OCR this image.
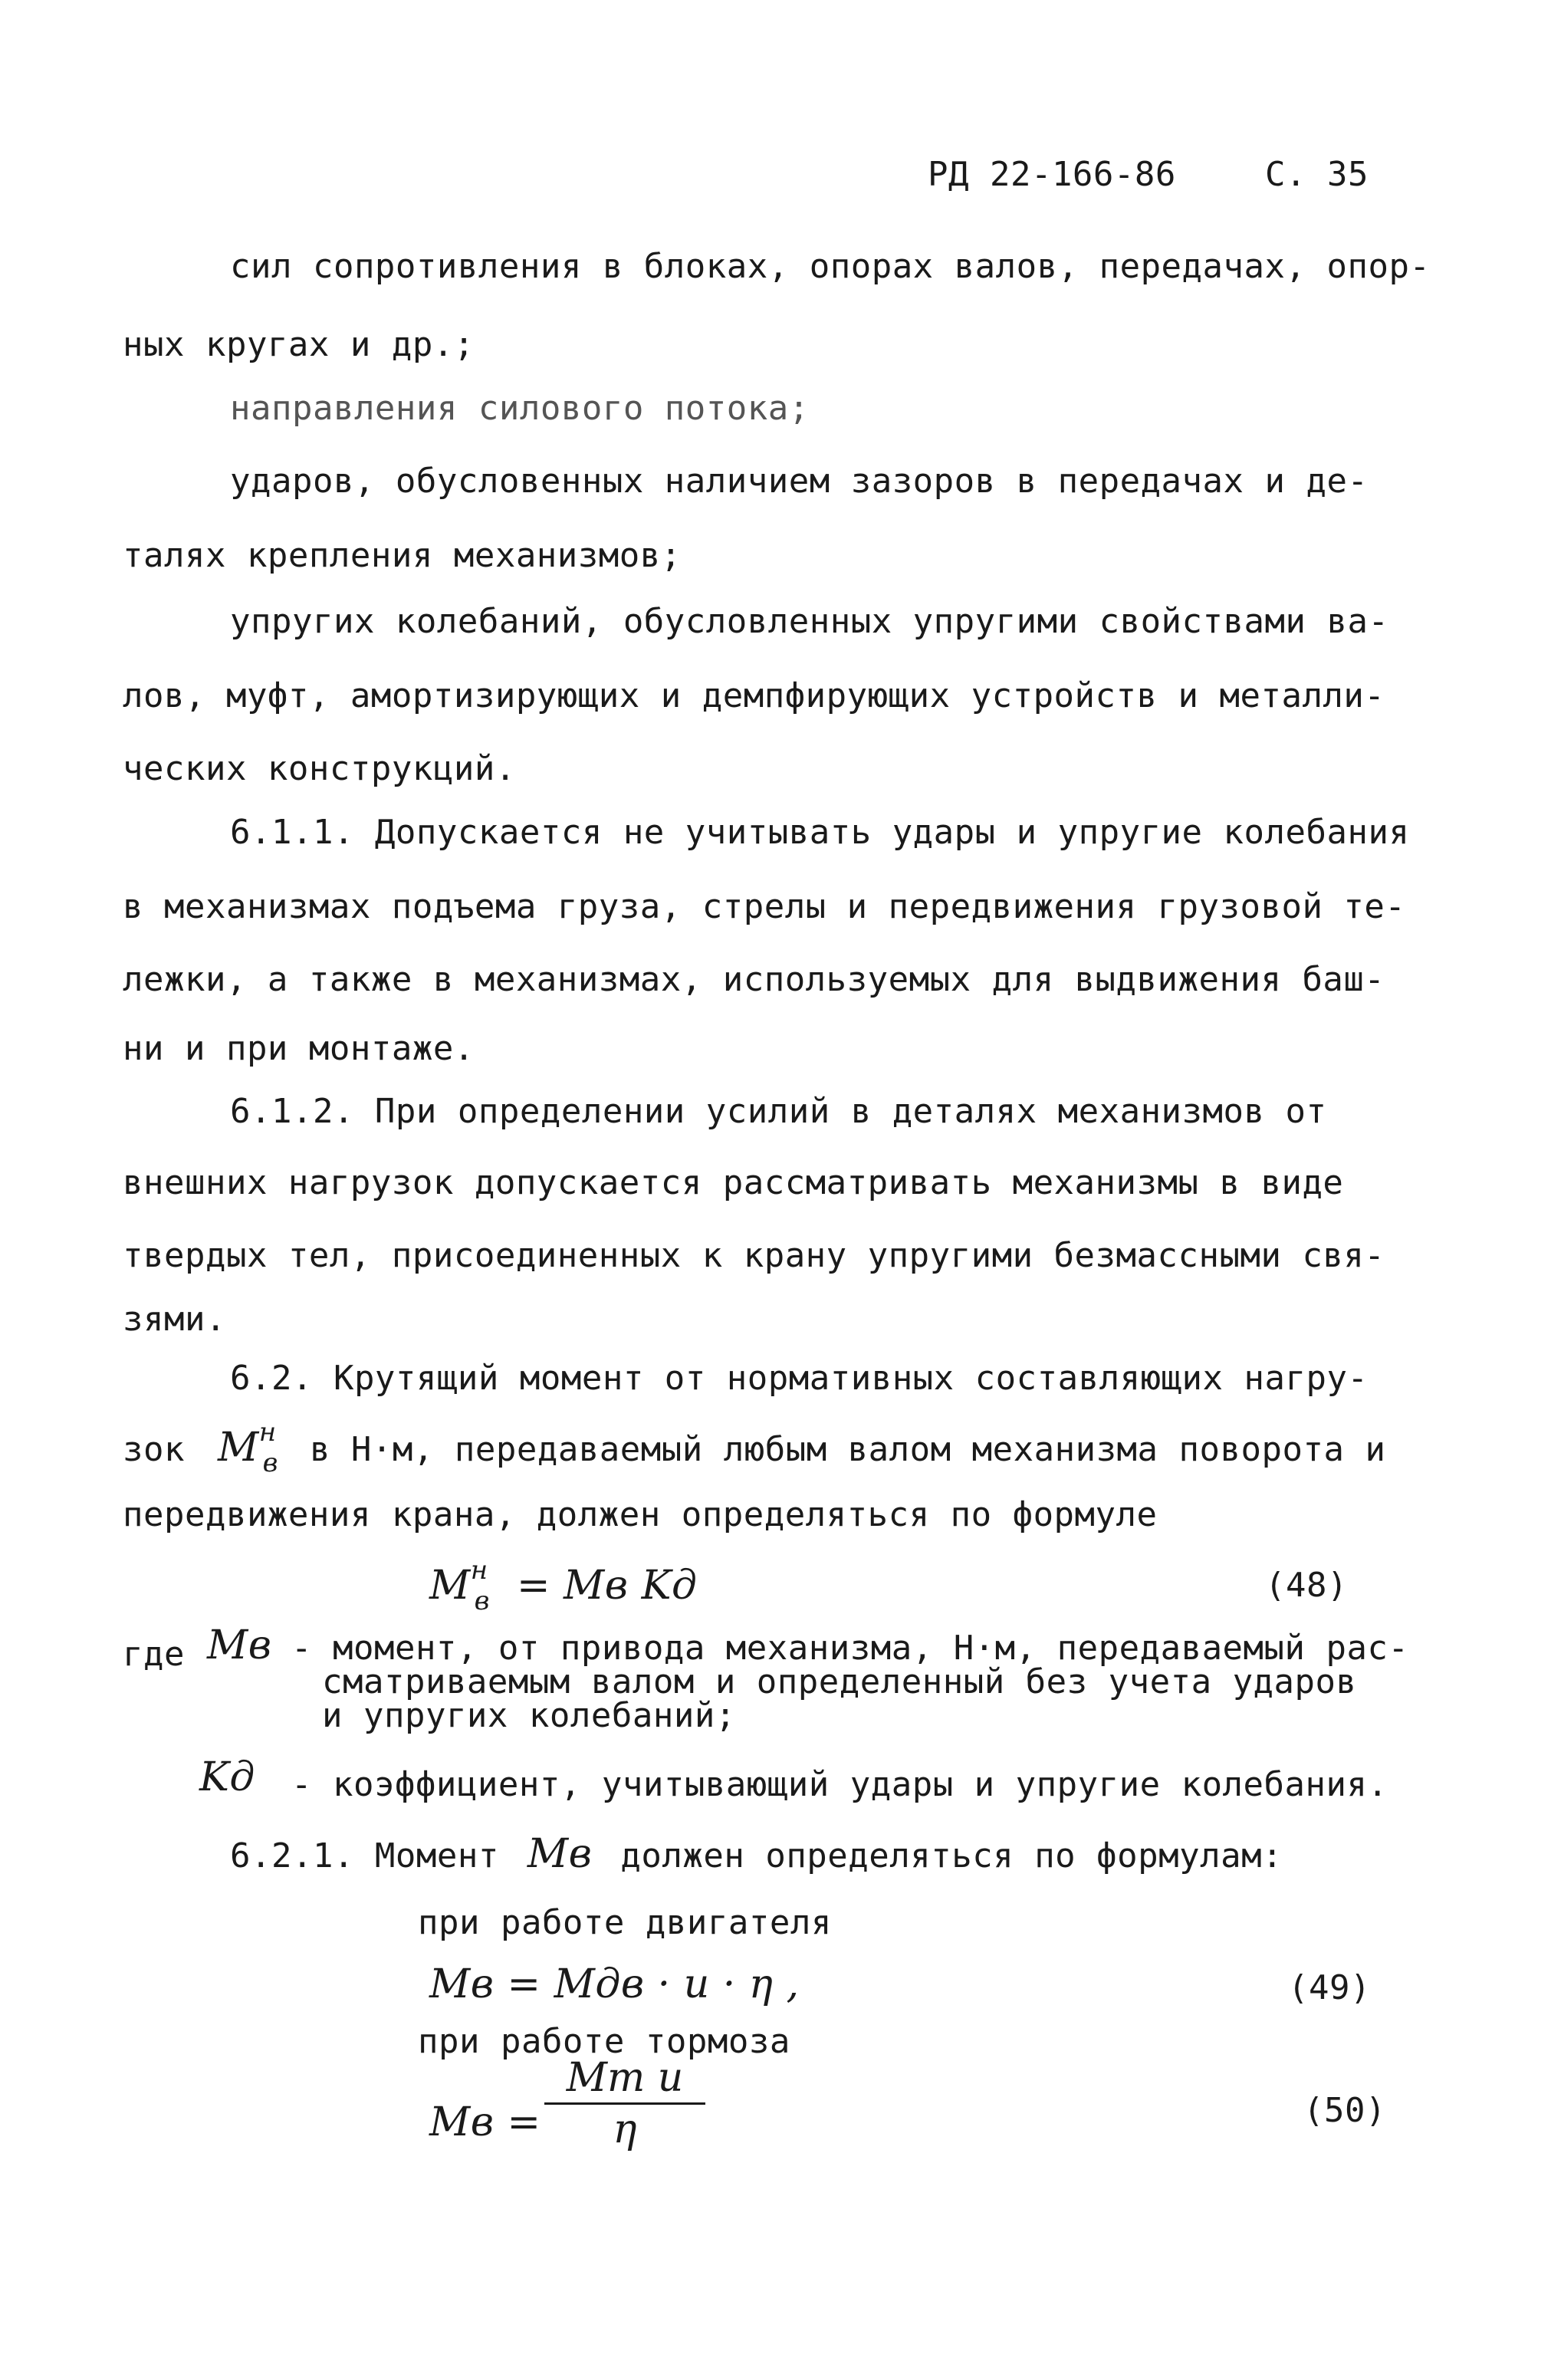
РД 22-166-86	С. 35
сил сопротивления в блоках, опорах валов, передачах, опор-
ных кругах и др.;
направления силового потока;
ударов, обусловенных наличием зазоров в передачах и де-
талях крепления механизмов;
упругих колебаний, обусловленных упругими свойствами ва-
лов, муфт, амортизирующих и демпфирующих устройств и металли-
ческих конструкций.
6.1.1. Допускается не учитывать удары и упругие колебания
в механизмах подъема груза, стрелы и передвижения грузовой те-
лежки, а также в механизмах, используемых для выдвижения баш-
ни и при монтаже.
6.1.2. При определении усилий в деталях механизмов от
внешних нагрузок допускается рассматривать механизмы в виде
твердых тел, присоединенных к крану упругими безмассными свя-
зями.
6.2. Крутящий момент от нормативных составляющих нагру-
зок $M^н_в$ в Н·м, передаваемый любым валом механизма поворота и
передвижения крана, должен определяться по формуле
$M^н_в$ = Mв Kд	(48)
где Mв - момент, от привода механизма, Н·м, передаваемый рас-
сматриваемым валом и определенный без учета ударов
и упругих колебаний;
Kд - коэффициент, учитывающий удары и упругие колебания.
6.2.1. Момент Mв должен определяться по формулам:
при работе двигателя
Mв = Mдв · u · η ,	(49)
при работе тормоза
Mв =
Mт u
η	(50)
